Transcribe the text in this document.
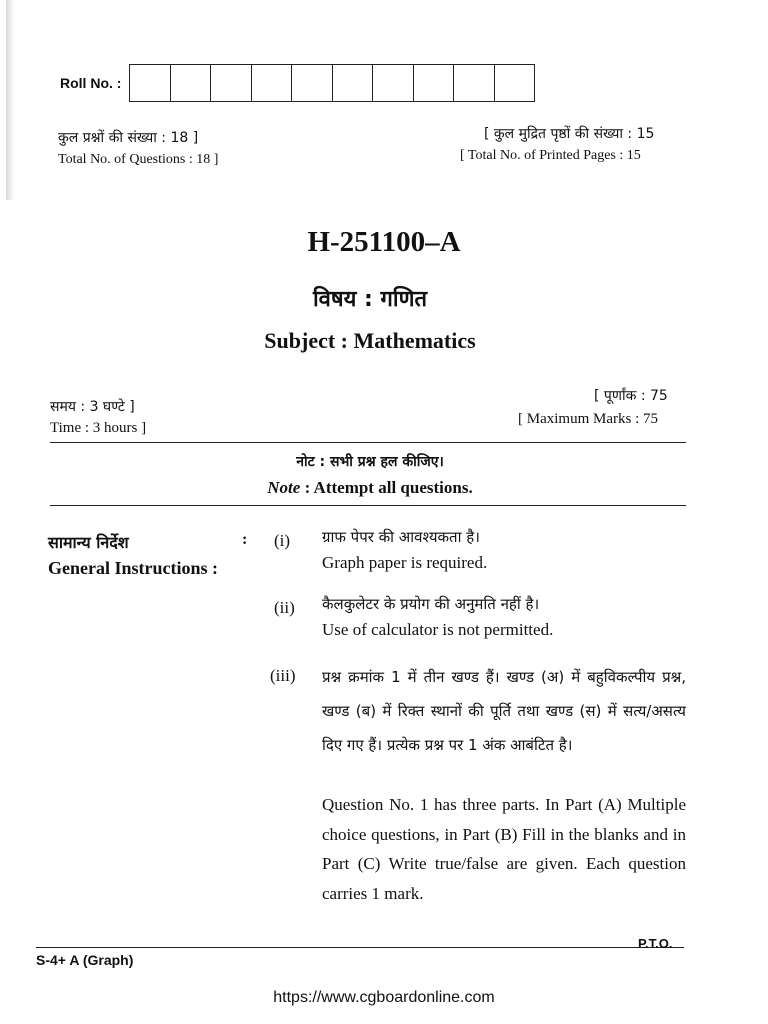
Roll No. :
कुल प्रश्नों की संख्या : 18 ]
Total No. of Questions : 18 ]
[ कुल मुद्रित पृष्ठों की संख्या : 15
[ Total No. of Printed Pages : 15
H-251100–A
विषय : गणित
Subject : Mathematics
समय : 3 घण्टे ]
Time : 3 hours ]
[ पूर्णांक : 75
[ Maximum Marks : 75
नोट : सभी प्रश्न हल कीजिए।
Note : Attempt all questions.
सामान्य निर्देश	:
General Instructions :
(i) ग्राफ पेपर की आवश्यकता है।
Graph paper is required.
(ii) कैलकुलेटर के प्रयोग की अनुमति नहीं है।
Use of calculator is not permitted.
(iii) प्रश्न क्रमांक 1 में तीन खण्ड हैं। खण्ड (अ) में बहुविकल्पीय प्रश्न, खण्ड (ब) में रिक्त स्थानों की पूर्ति तथा खण्ड (स) में सत्य/असत्य दिए गए हैं। प्रत्येक प्रश्न पर 1 अंक आबंटित है।
Question No. 1 has three parts. In Part (A) Multiple choice questions, in Part (B) Fill in the blanks and in Part (C) Write true/false are given. Each question carries 1 mark.
P.T.O.
S-4+ A (Graph)
https://www.cgboardonline.com
